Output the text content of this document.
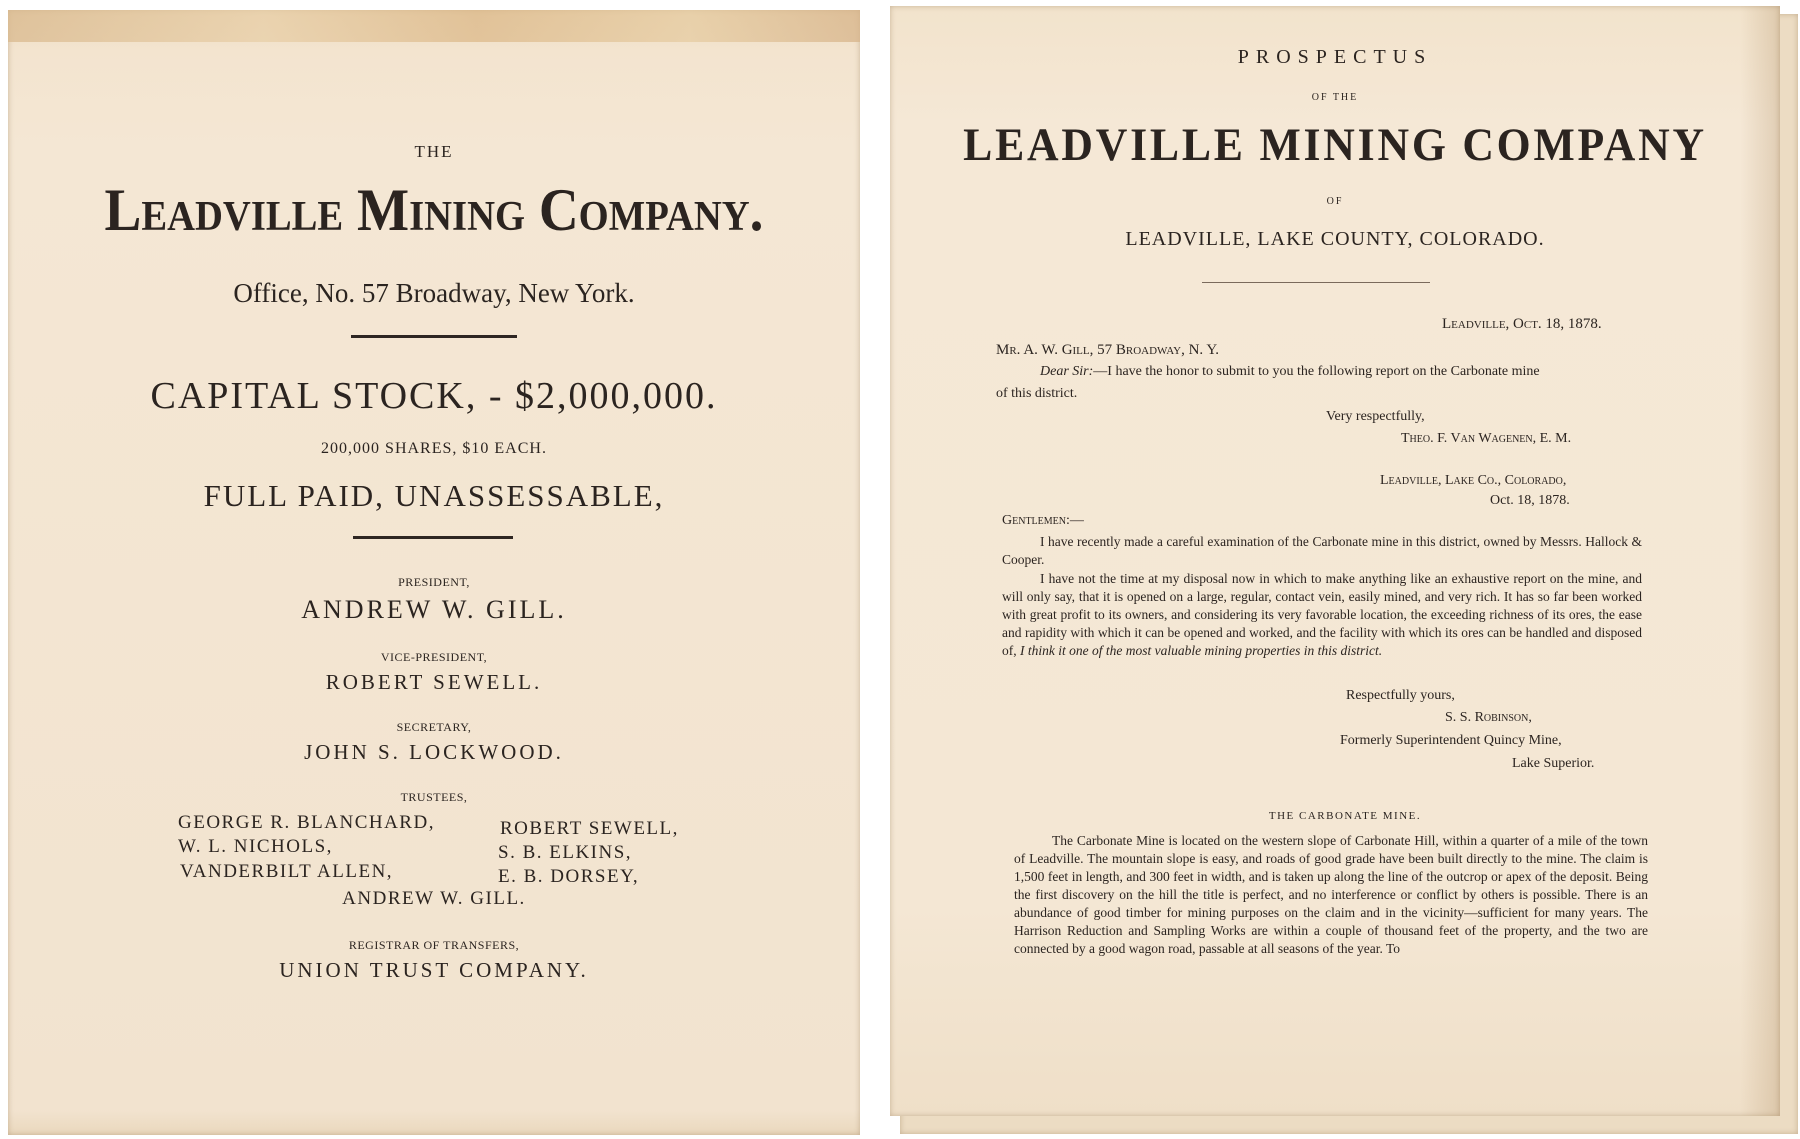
THE
Leadville Mining Company.
Office, No. 57 Broadway, New York.
CAPITAL STOCK, - $2,000,000.
200,000 SHARES, $10 EACH.
FULL PAID, UNASSESSABLE,
PRESIDENT,
ANDREW W. GILL.
VICE-PRESIDENT,
ROBERT SEWELL.
SECRETARY,
JOHN S. LOCKWOOD.
TRUSTEES,
GEORGE R. BLANCHARD,
W. L. NICHOLS,
VANDERBILT ALLEN,
ROBERT SEWELL,
S. B. ELKINS,
E. B. DORSEY,
ANDREW W. GILL.
REGISTRAR OF TRANSFERS,
UNION TRUST COMPANY.
PROSPECTUS
OF THE
LEADVILLE MINING COMPANY
OF
LEADVILLE, LAKE COUNTY, COLORADO.
Leadville, Oct. 18, 1878.
Mr. A. W. Gill, 57 Broadway, N. Y.
Dear Sir:—I have the honor to submit to you the following report on the Carbonate mine
of this district.
Very respectfully,
Theo. F. Van Wagenen, E. M.
Leadville, Lake Co., Colorado,
Oct. 18, 1878.
Gentlemen:—
I have recently made a careful examination of the Carbonate mine in this district, owned by Messrs. Hallock & Cooper.
I have not the time at my disposal now in which to make anything like an exhaustive report on the mine, and will only say, that it is opened on a large, regular, contact vein, easily mined, and very rich. It has so far been worked with great profit to its owners, and considering its very favorable location, the exceeding richness of its ores, the ease and rapidity with which it can be opened and worked, and the facility with which its ores can be handled and disposed of, I think it one of the most valuable mining properties in this district.
Respectfully yours,
S. S. Robinson,
Formerly Superintendent Quincy Mine,
Lake Superior.
THE CARBONATE MINE.
The Carbonate Mine is located on the western slope of Carbonate Hill, within a quarter of a mile of the town of Leadville. The mountain slope is easy, and roads of good grade have been built directly to the mine. The claim is 1,500 feet in length, and 300 feet in width, and is taken up along the line of the outcrop or apex of the deposit. Being the first discovery on the hill the title is perfect, and no interference or conflict by others is possible. There is an abundance of good timber for mining purposes on the claim and in the vicinity—sufficient for many years. The Harrison Reduction and Sampling Works are within a couple of thousand feet of the property, and the two are connected by a good wagon road, passable at all seasons of the year. To
